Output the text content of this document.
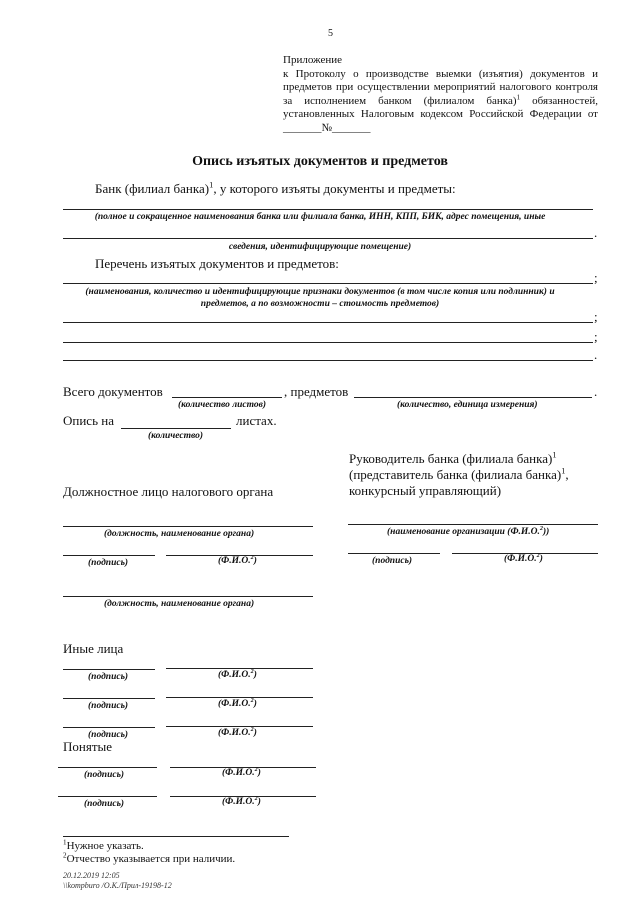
5
Приложение
к Протоколу о производстве выемки (изъятия) документов и
предметов при осуществлении мероприятий налогового контроля
за исполнением банком (филиалом банка)$^1$ обязанностей,
установленных Налоговым кодексом Российской Федерации от
_______№_______
Опись изъятых документов и предметов
Банк (филиал банка)$^1$, у которого изъяты документы и предметы:
(полное и сокращенное наименования банка или филиала банка, ИНН, КПП, БИК, адрес помещения, иные
.
сведения, идентифицирующие помещение)
Перечень изъятых документов и предметов:
;
(наименования, количество и идентифицирующие признаки документов (в том числе копия или подлинник) и
предметов, а по возможности – стоимость предметов)
;
;
.
Всего документов	, предметов	.
(количество листов)	(количество, единица измерения)
Опись на	листах.
(количество)
Руководитель банка (филиала банка)$^1$
(представитель банка (филиала банка)$^1$,
конкурсный управляющий)
Должностное лицо налогового органа
(должность, наименование органа)	(наименование организации (Ф.И.О.$^2$))
(подпись)	(Ф.И.О.$^2$)	(подпись)	(Ф.И.О.$^2$)
(должность, наименование органа)
Иные лица
(подпись)	(Ф.И.О.$^2$)
(подпись)	(Ф.И.О.$^2$)
(подпись)	(Ф.И.О.$^2$)
Понятые
(подпись)	(Ф.И.О.$^2$)
(подпись)	(Ф.И.О.$^2$)
$^1$Нужное указать.
$^2$Отчество указывается при наличии.
20.12.2019 12:05
\\kompburo /О.К./Прил-19198-12
